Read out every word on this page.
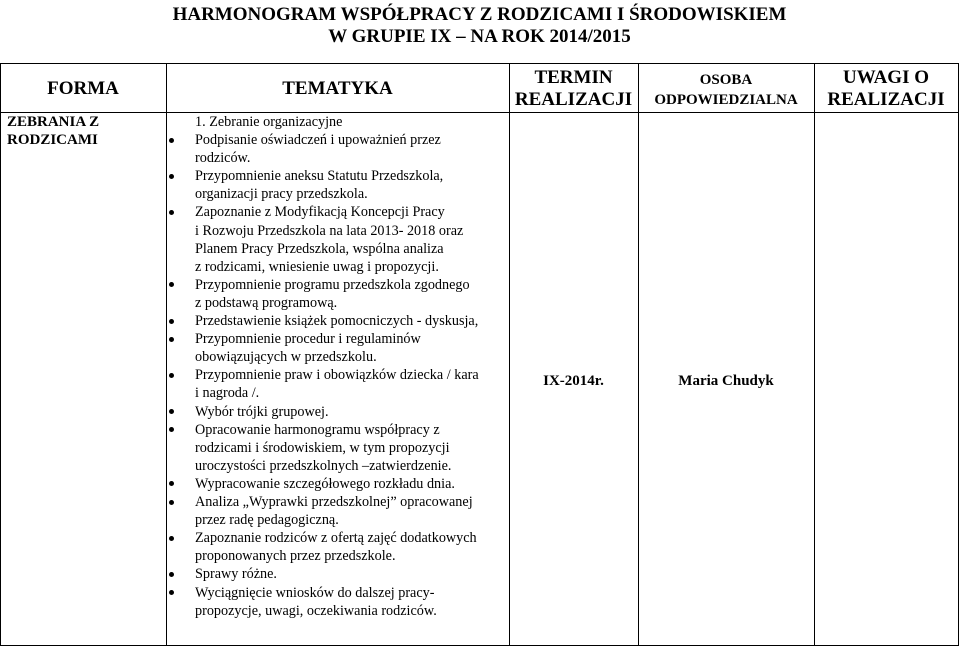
HARMONOGRAM WSPÓŁPRACY Z RODZICAMI I ŚRODOWISKIEM
W GRUPIE IX – NA ROK 2014/2015
FORMA	TEMATYKA
TERMIN
REALIZACJI
OSOBA
ODPOWIEDZIALNA
UWAGI O
REALIZACJI
ZEBRANIA Z
RODZICAMI
IX-2014r.	Maria Chudyk
1. Zebranie organizacyjne
Podpisanie oświadczeń i upoważnień przez
rodziców.
Przypomnienie aneksu Statutu Przedszkola,
organizacji pracy przedszkola.
Zapoznanie z Modyfikacją Koncepcji Pracy
i Rozwoju Przedszkola na lata 2013- 2018 oraz
Planem Pracy Przedszkola, wspólna analiza
z rodzicami, wniesienie uwag i propozycji.
Przypomnienie programu przedszkola zgodnego
z podstawą programową.
Przedstawienie książek pomocniczych - dyskusja,
Przypomnienie procedur i regulaminów
obowiązujących w przedszkolu.
Przypomnienie praw i obowiązków dziecka / kara
i nagroda /.
Wybór trójki grupowej.
Opracowanie harmonogramu współpracy z
rodzicami i środowiskiem, w tym propozycji
uroczystości przedszkolnych –zatwierdzenie.
Wypracowanie szczegółowego rozkładu dnia.
Analiza „Wyprawki przedszkolnej” opracowanej
przez radę pedagogiczną.
Zapoznanie rodziców z ofertą zajęć dodatkowych
proponowanych przez przedszkole.
Sprawy różne.
Wyciągnięcie wniosków do dalszej pracy-
propozycje, uwagi, oczekiwania rodziców.
